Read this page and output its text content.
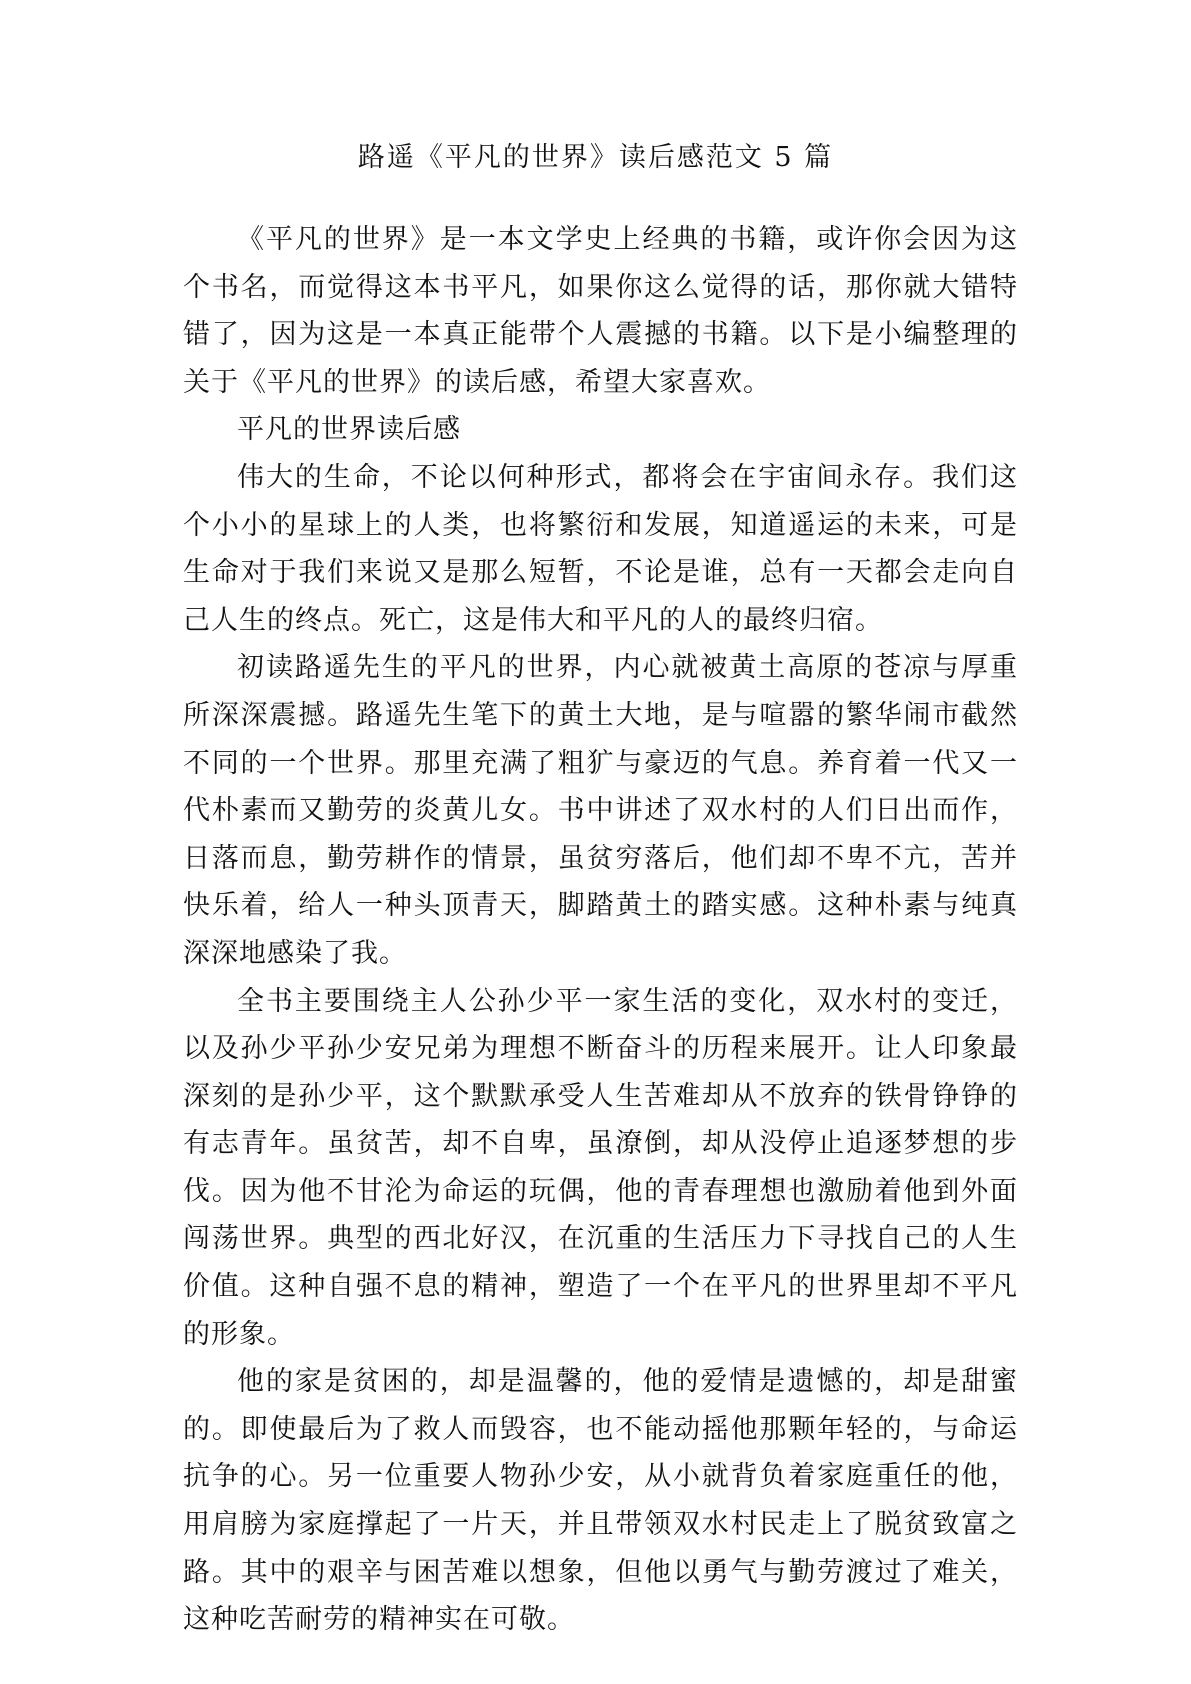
路遥《平凡的世界》读后感范文 5 篇

《平凡的世界》是一本文学史上经典的书籍，或许你会因为这个书名，而觉得这本书平凡，如果你这么觉得的话，那你就大错特错了，因为这是一本真正能带个人震撼的书籍。以下是小编整理的关于《平凡的世界》的读后感，希望大家喜欢。

平凡的世界读后感

伟大的生命，不论以何种形式，都将会在宇宙间永存。我们这个小小的星球上的人类，也将繁衍和发展，知道遥运的未来，可是生命对于我们来说又是那么短暂，不论是谁，总有一天都会走向自己人生的终点。死亡，这是伟大和平凡的人的最终归宿。

初读路遥先生的平凡的世界，内心就被黄土高原的苍凉与厚重所深深震撼。路遥先生笔下的黄土大地，是与喧嚣的繁华闹市截然不同的一个世界。那里充满了粗犷与豪迈的气息。养育着一代又一代朴素而又勤劳的炎黄儿女。书中讲述了双水村的人们日出而作，日落而息，勤劳耕作的情景，虽贫穷落后，他们却不卑不亢，苦并快乐着，给人一种头顶青天，脚踏黄土的踏实感。这种朴素与纯真深深地感染了我。

全书主要围绕主人公孙少平一家生活的变化，双水村的变迁，以及孙少平孙少安兄弟为理想不断奋斗的历程来展开。让人印象最深刻的是孙少平，这个默默承受人生苦难却从不放弃的铁骨铮铮的有志青年。虽贫苦，却不自卑，虽潦倒，却从没停止追逐梦想的步伐。因为他不甘沦为命运的玩偶，他的青春理想也激励着他到外面闯荡世界。典型的西北好汉，在沉重的生活压力下寻找自己的人生价值。这种自强不息的精神，塑造了一个在平凡的世界里却不平凡的形象。

他的家是贫困的，却是温馨的，他的爱情是遗憾的，却是甜蜜的。即使最后为了救人而毁容，也不能动摇他那颗年轻的，与命运抗争的心。另一位重要人物孙少安，从小就背负着家庭重任的他，用肩膀为家庭撑起了一片天，并且带领双水村民走上了脱贫致富之路。其中的艰辛与困苦难以想象，但他以勇气与勤劳渡过了难关，这种吃苦耐劳的精神实在可敬。
